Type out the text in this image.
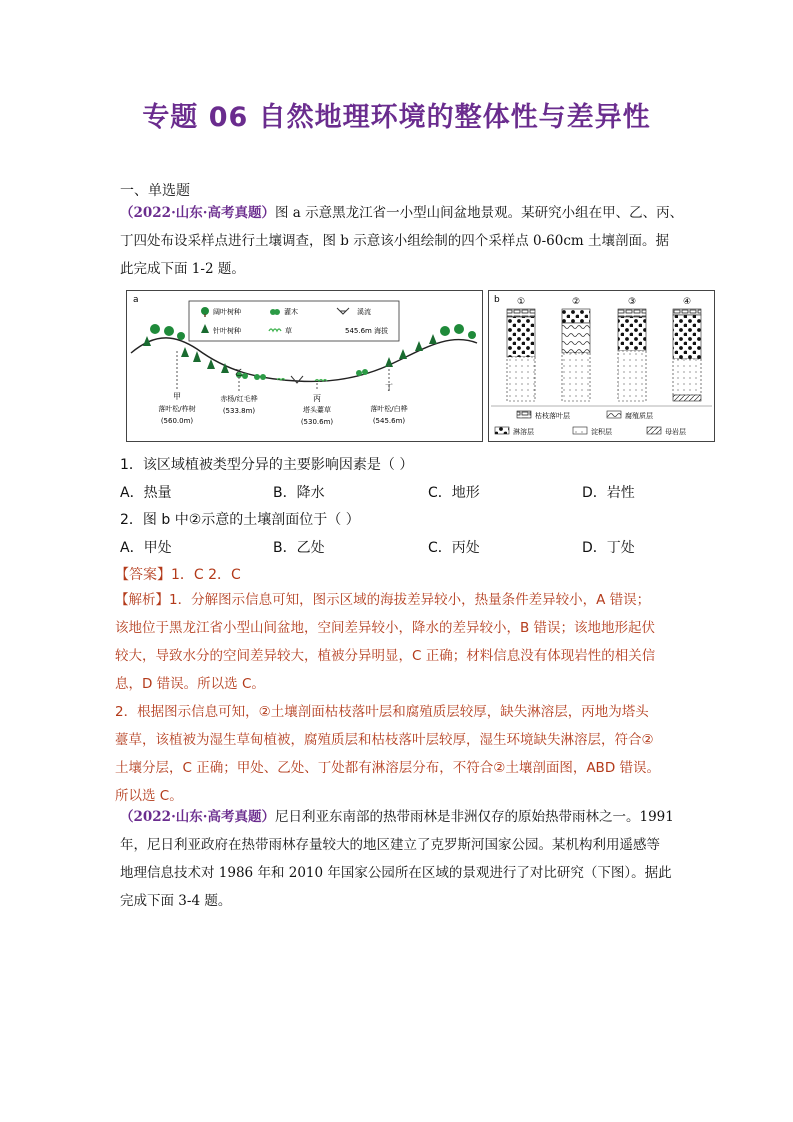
专题 06 自然地理环境的整体性与差异性
一、单选题
（2022·山东·高考真题）图 a 示意黑龙江省一小型山间盆地景观。某研究小组在甲、乙、丙、
丁四处布设采样点进行土壤调查，图 b 示意该小组绘制的四个采样点 0-60cm 土壤剖面。据
此完成下面 1-2 题。
a
阔叶树种	灌木	溪流
针叶树种	草	545.6m 海拔
甲
落叶松/柞树
(560.0m)
乙
赤杨/红毛桦
(533.8m)
丙
塔头薹草
(530.6m)
丁
落叶松/白桦
(545.6m)
b ①	②	③	④
枯枝落叶层	腐殖质层
淋溶层	淀积层	母岩层
1．该区域植被类型分异的主要影响因素是（ ）
A．热量	B．降水	C．地形	D．岩性
2．图 b 中②示意的土壤剖面位于（ ）
A．甲处	B．乙处	C．丙处	D．丁处
【答案】1．C 2．C
【解析】1．分解图示信息可知，图示区域的海拔差异较小，热量条件差异较小，A 错误；
该地位于黑龙江省小型山间盆地，空间差异较小，降水的差异较小，B 错误；该地地形起伏
较大，导致水分的空间差异较大，植被分异明显，C 正确；材料信息没有体现岩性的相关信
息，D 错误。所以选 C。
2．根据图示信息可知，②土壤剖面枯枝落叶层和腐殖质层较厚，缺失淋溶层，丙地为塔头
薹草，该植被为湿生草甸植被，腐殖质层和枯枝落叶层较厚，湿生环境缺失淋溶层，符合②
土壤分层，C 正确；甲处、乙处、丁处都有淋溶层分布，不符合②土壤剖面图，ABD 错误。
所以选 C。
（2022·山东·高考真题）尼日利亚东南部的热带雨林是非洲仅存的原始热带雨林之一。1991
年，尼日利亚政府在热带雨林存量较大的地区建立了克罗斯河国家公园。某机构利用遥感等
地理信息技术对 1986 年和 2010 年国家公园所在区域的景观进行了对比研究（下图）。据此
完成下面 3-4 题。
